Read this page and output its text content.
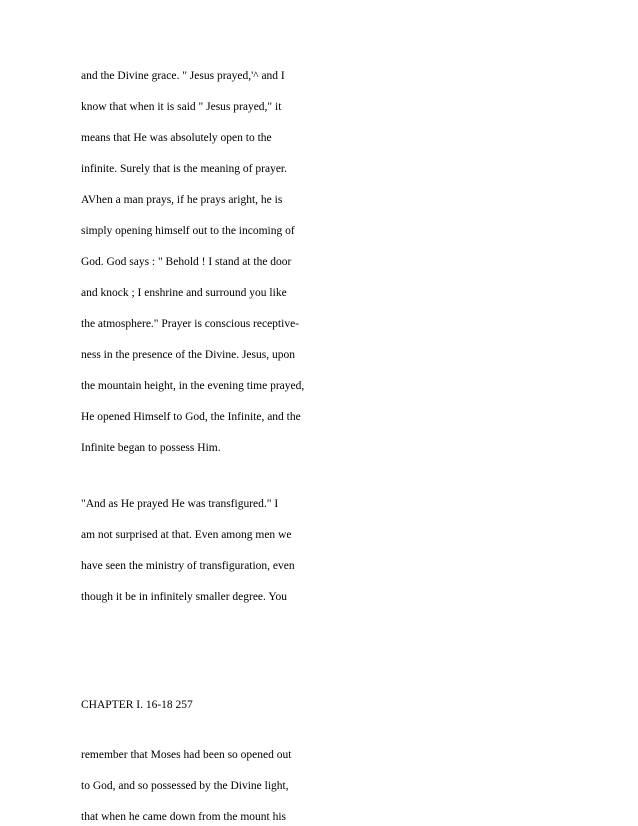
and the Divine grace. " Jesus prayed,'^ and I

know that when it is said " Jesus prayed," it

means that He was absolutely open to the

infinite. Surely that is the meaning of prayer.

AVhen a man prays, if he prays aright, he is

simply opening himself out to the incoming of

God. God says : " Behold ! I stand at the door

and knock ; I enshrine and surround you like

the atmosphere." Prayer is conscious receptive-

ness in the presence of the Divine. Jesus, upon

the mountain height, in the evening time prayed,

He opened Himself to God, the Infinite, and the

Infinite began to possess Him.

"And as He prayed He was transfigured." I

am not surprised at that. Even among men we

have seen the ministry of transfiguration, even

though it be in infinitely smaller degree. You

CHAPTER I. 16-18 257

remember that Moses had been so opened out

to God, and so possessed by the Divine light,

that when he came down from the mount his
